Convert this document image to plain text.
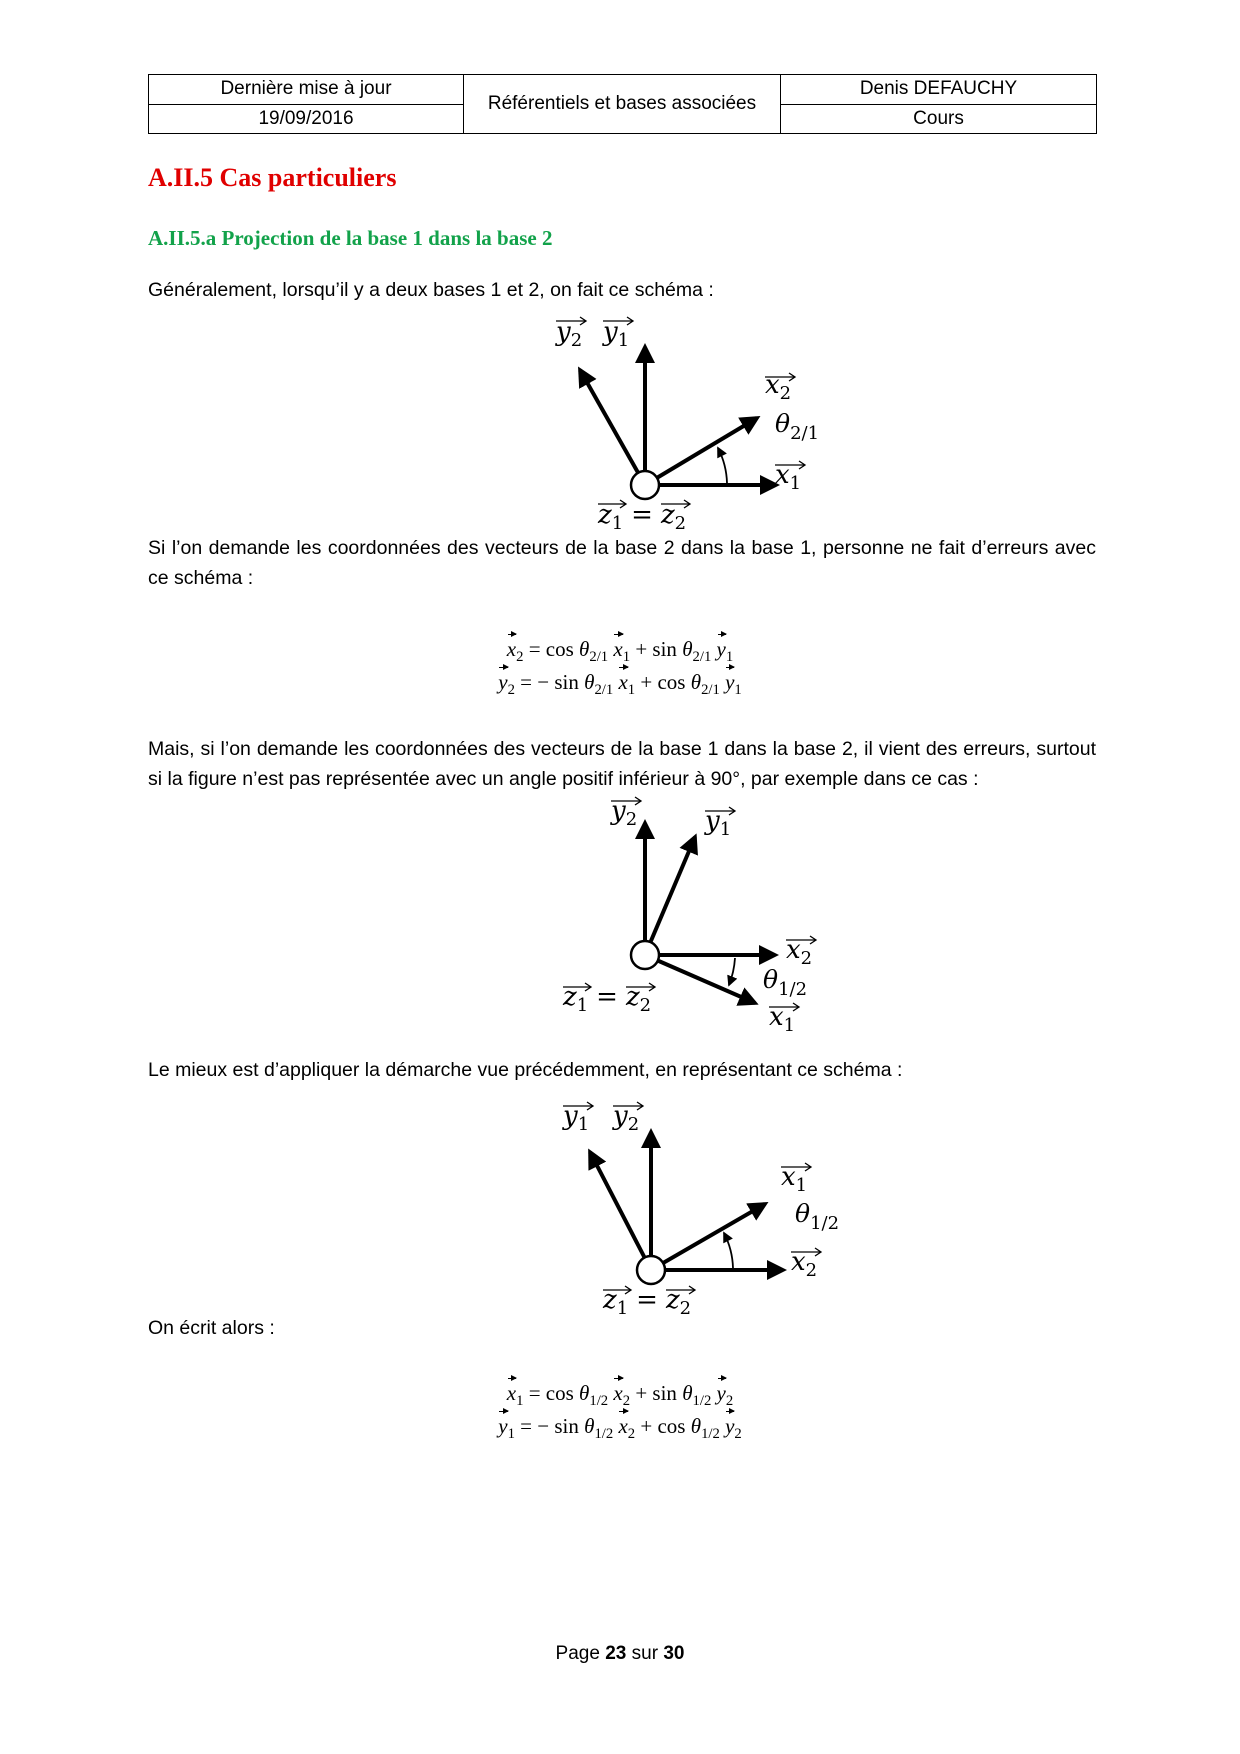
Dernière mise à jour	Référentiels et bases associées	Denis DEFAUCHY
19/09/2016		Cours
A.II.5 Cas particuliers
A.II.5.a Projection de la base 1 dans la base 2
Généralement, lorsqu’il y a deux bases 1 et 2, on fait ce schéma :
$y_2$ $y_1$
$x_2$
$\theta_{2/1}$
$x_1$
$z_1 = z_2$
Si l’on demande les coordonnées des vecteurs de la base 2 dans la base 1, personne ne fait d’erreurs avec ce schéma :
$x_2 = \cos \theta_{2/1}$ $x_1 + \sin \theta_{2/1}$ $y_1$
$y_2$ = − $\sin \theta_{2/1}$ $x_1 + \cos \theta_{2/1}$ $y_1$
Mais, si l’on demande les coordonnées des vecteurs de la base 1 dans la base 2, il vient des erreurs, surtout si la figure n’est pas représentée avec un angle positif inférieur à 90°, par exemple dans ce cas :
$y_2$	$y_1$
$x_2$
$\theta_{1/2}$
$x_1$
$z_1 = z_2$
Le mieux est d’appliquer la démarche vue précédemment, en représentant ce schéma :
$y_1$ $y_2$
$x_1$
$\theta_{1/2}$
$x_2$
$z_1 = z_2$
On écrit alors :
$x_1 = \cos \theta_{1/2}$ $x_2 + \sin \theta_{1/2}$ $y_2$
$y_1$ = − $\sin \theta_{1/2}$ $x_2 + \cos \theta_{1/2}$ $y_2$
Page 23 sur 30
